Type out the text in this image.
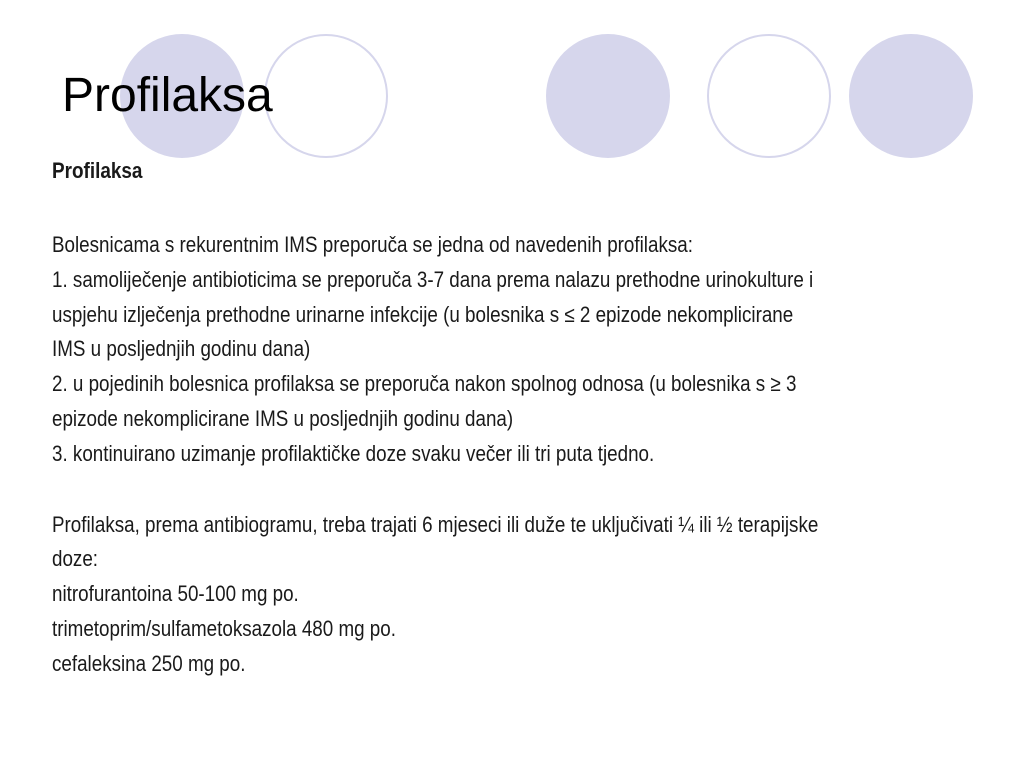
Profilaksa
Profilaksa
Bolesnicama s rekurentnim IMS preporuča se jedna od navedenih profilaksa:
1. samoliječenje antibioticima se preporuča 3-7 dana prema nalazu prethodne urinokulture i
uspjehu izlječenja prethodne urinarne infekcije (u bolesnika s ≤ 2 epizode nekomplicirane
IMS u posljednjih godinu dana)
2. u pojedinih bolesnica profilaksa se preporuča nakon spolnog odnosa (u bolesnika s ≥ 3
epizode nekomplicirane IMS u posljednjih godinu dana)
3. kontinuirano uzimanje profilaktičke doze svaku večer ili tri puta tjedno.
Profilaksa, prema antibiogramu, treba trajati 6 mjeseci ili duže te uključivati ¼ ili ½ terapijske
doze:
nitrofurantoina 50-100 mg po.
trimetoprim/sulfametoksazola 480 mg po.
cefaleksina 250 mg po.
